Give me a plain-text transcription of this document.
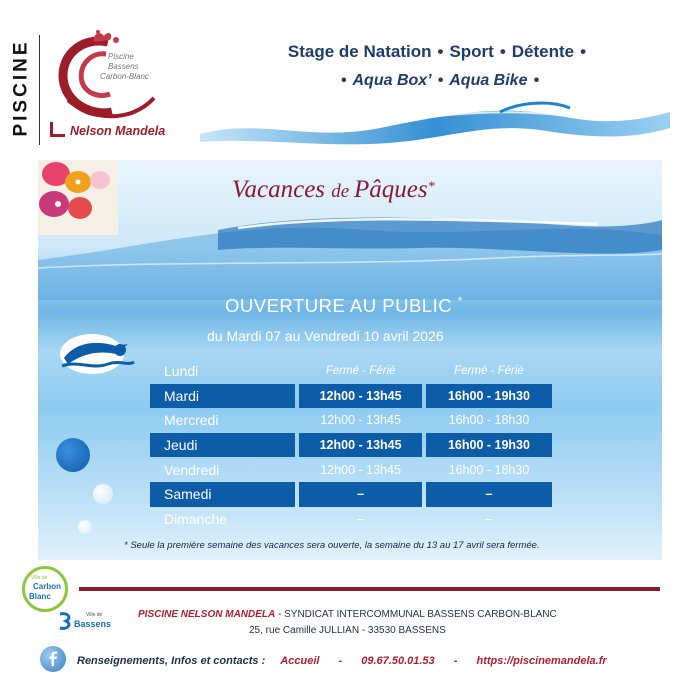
PISCINE	Piscine
Bassens
Carbon-Blanc
Nelson Mandela
Stage de Natation • Sport • Détente •
• Aqua Box’ • Aqua Bike •
Vacances de Pâques*
OUVERTURE AU PUBLIC *
du Mardi 07 au Vendredi 10 avril 2026
Lundi		Fermé - Férié		Fermé - Férié
Mardi		12h00 - 13h45		16h00 - 19h30
Mercredi		12h00 - 13h45		16h00 - 18h30
Jeudi		12h00 - 13h45		16h00 - 19h30
Vendredi		12h00 - 13h45		16h00 - 18h30
Samedi		–		–
Dimanche		–		–
* Seule la première semaine des vacances sera ouverte, la semaine du 13 au 17 avril sera fermée.
Ville de
Carbon
Blanc
Ville de
Bassens
PISCINE NELSON MANDELA - SYNDICAT INTERCOMMUNAL BASSENS CARBON-BLANC
25, rue Camille JULLIAN - 33530 BASSENS
Renseignements, Infos et contacts : Accueil - 09.67.50.01.53 - https://piscinemandela.fr
